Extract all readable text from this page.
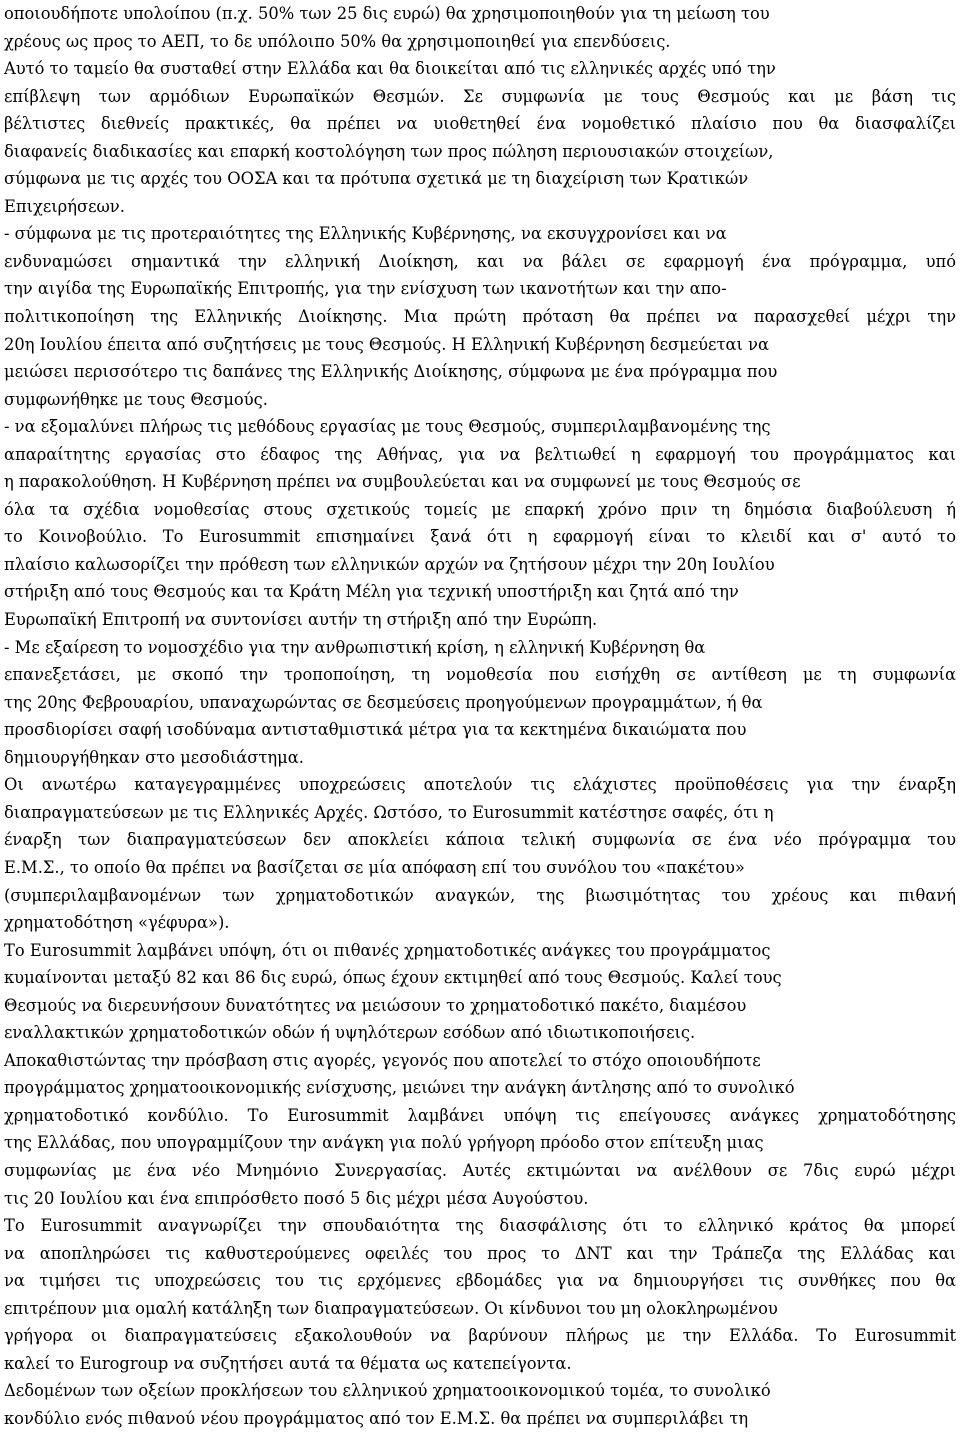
οποιουδήποτε υπολοίπου (π.χ. 50% των 25 δις ευρώ) θα χρησιμοποιηθούν για τη μείωση του
χρέους ως προς το ΑΕΠ, το δε υπόλοιπο 50% θα χρησιμοποιηθεί για επενδύσεις.
Αυτό το ταμείο θα συσταθεί στην Ελλάδα και θα διοικείται από τις ελληνικές αρχές υπό την
επίβλεψη των αρμόδιων Ευρωπαϊκών Θεσμών. Σε συμφωνία με τους Θεσμούς και με βάση τις
βέλτιστες διεθνείς πρακτικές, θα πρέπει να υιοθετηθεί ένα νομοθετικό πλαίσιο που θα διασφαλίζει
διαφανείς διαδικασίες και επαρκή κοστολόγηση των προς πώληση περιουσιακών στοιχείων,
σύμφωνα με τις αρχές του ΟΟΣΑ και τα πρότυπα σχετικά με τη διαχείριση των Κρατικών
Επιχειρήσεων.
- σύμφωνα με τις προτεραιότητες της Ελληνικής Κυβέρνησης, να εκσυγχρονίσει και να
ενδυναμώσει σημαντικά την ελληνική Διοίκηση, και να βάλει σε εφαρμογή ένα πρόγραμμα, υπό
την αιγίδα της Ευρωπαϊκής Επιτροπής, για την ενίσχυση των ικανοτήτων και την απο-
πολιτικοποίηση της Ελληνικής Διοίκησης. Μια πρώτη πρόταση θα πρέπει να παρασχεθεί μέχρι την
20η Ιουλίου έπειτα από συζητήσεις με τους Θεσμούς. Η Ελληνική Κυβέρνηση δεσμεύεται να
μειώσει περισσότερο τις δαπάνες της Ελληνικής Διοίκησης, σύμφωνα με ένα πρόγραμμα που
συμφωνήθηκε με τους Θεσμούς.
- να εξομαλύνει πλήρως τις μεθόδους εργασίας με τους Θεσμούς, συμπεριλαμβανομένης της
απαραίτητης εργασίας στο έδαφος της Αθήνας, για να βελτιωθεί η εφαρμογή του προγράμματος και
η παρακολούθηση. Η Κυβέρνηση πρέπει να συμβουλεύεται και να συμφωνεί με τους Θεσμούς σε
όλα τα σχέδια νομοθεσίας στους σχετικούς τομείς με επαρκή χρόνο πριν τη δημόσια διαβούλευση ή
το Κοινοβούλιο. Το Eurosummit επισημαίνει ξανά ότι η εφαρμογή είναι το κλειδί και σ' αυτό το
πλαίσιο καλωσορίζει την πρόθεση των ελληνικών αρχών να ζητήσουν μέχρι την 20η Ιουλίου
στήριξη από τους Θεσμούς και τα Κράτη Μέλη για τεχνική υποστήριξη και ζητά από την
Ευρωπαϊκή Επιτροπή να συντονίσει αυτήν τη στήριξη από την Ευρώπη.
- Με εξαίρεση το νομοσχέδιο για την ανθρωπιστική κρίση, η ελληνική Κυβέρνηση θα
επανεξετάσει, με σκοπό την τροποποίηση, τη νομοθεσία που εισήχθη σε αντίθεση με τη συμφωνία
της 20ης Φεβρουαρίου, υπαναχωρώντας σε δεσμεύσεις προηγούμενων προγραμμάτων, ή θα
προσδιορίσει σαφή ισοδύναμα αντισταθμιστικά μέτρα για τα κεκτημένα δικαιώματα που
δημιουργήθηκαν στο μεσοδιάστημα.
Οι ανωτέρω καταγεγραμμένες υποχρεώσεις αποτελούν τις ελάχιστες προϋποθέσεις για την έναρξη
διαπραγματεύσεων με τις Ελληνικές Αρχές. Ωστόσο, το Eurosummit κατέστησε σαφές, ότι η
έναρξη των διαπραγματεύσεων δεν αποκλείει κάποια τελική συμφωνία σε ένα νέο πρόγραμμα του
Ε.Μ.Σ., το οποίο θα πρέπει να βασίζεται σε μία απόφαση επί του συνόλου του «πακέτου»
(συμπεριλαμβανομένων των χρηματοδοτικών αναγκών, της βιωσιμότητας του χρέους και πιθανή
χρηματοδότηση «γέφυρα»).
Το Eurosummit λαμβάνει υπόψη, ότι οι πιθανές χρηματοδοτικές ανάγκες του προγράμματος
κυμαίνονται μεταξύ 82 και 86 δις ευρώ, όπως έχουν εκτιμηθεί από τους Θεσμούς. Καλεί τους
Θεσμούς να διερευνήσουν δυνατότητες να μειώσουν το χρηματοδοτικό πακέτο, διαμέσου
εναλλακτικών χρηματοδοτικών οδών ή υψηλότερων εσόδων από ιδιωτικοποιήσεις.
Αποκαθιστώντας την πρόσβαση στις αγορές, γεγονός που αποτελεί το στόχο οποιουδήποτε
προγράμματος χρηματοοικονομικής ενίσχυσης, μειώνει την ανάγκη άντλησης από το συνολικό
χρηματοδοτικό κονδύλιο. Το Eurosummit λαμβάνει υπόψη τις επείγουσες ανάγκες χρηματοδότησης
της Ελλάδας, που υπογραμμίζουν την ανάγκη για πολύ γρήγορη πρόοδο στον επίτευξη μιας
συμφωνίας με ένα νέο Μνημόνιο Συνεργασίας. Αυτές εκτιμώνται να ανέλθουν σε 7δις ευρώ μέχρι
τις 20 Ιουλίου και ένα επιπρόσθετο ποσό 5 δις μέχρι μέσα Αυγούστου.
Το Eurosummit αναγνωρίζει την σπουδαιότητα της διασφάλισης ότι το ελληνικό κράτος θα μπορεί
να αποπληρώσει τις καθυστερούμενες οφειλές του προς το ΔΝΤ και την Τράπεζα της Ελλάδας και
να τιμήσει τις υποχρεώσεις του τις ερχόμενες εβδομάδες για να δημιουργήσει τις συνθήκες που θα
επιτρέπουν μια ομαλή κατάληξη των διαπραγματεύσεων. Οι κίνδυνοι του μη ολοκληρωμένου
γρήγορα οι διαπραγματεύσεις εξακολουθούν να βαρύνουν πλήρως με την Ελλάδα. Το Eurosummit
καλεί το Eurogroup να συζητήσει αυτά τα θέματα ως κατεπείγοντα.
Δεδομένων των οξείων προκλήσεων του ελληνικού χρηματοοικονομικού τομέα, το συνολικό
κονδύλιο ενός πιθανού νέου προγράμματος από τον Ε.Μ.Σ. θα πρέπει να συμπεριλάβει τη
